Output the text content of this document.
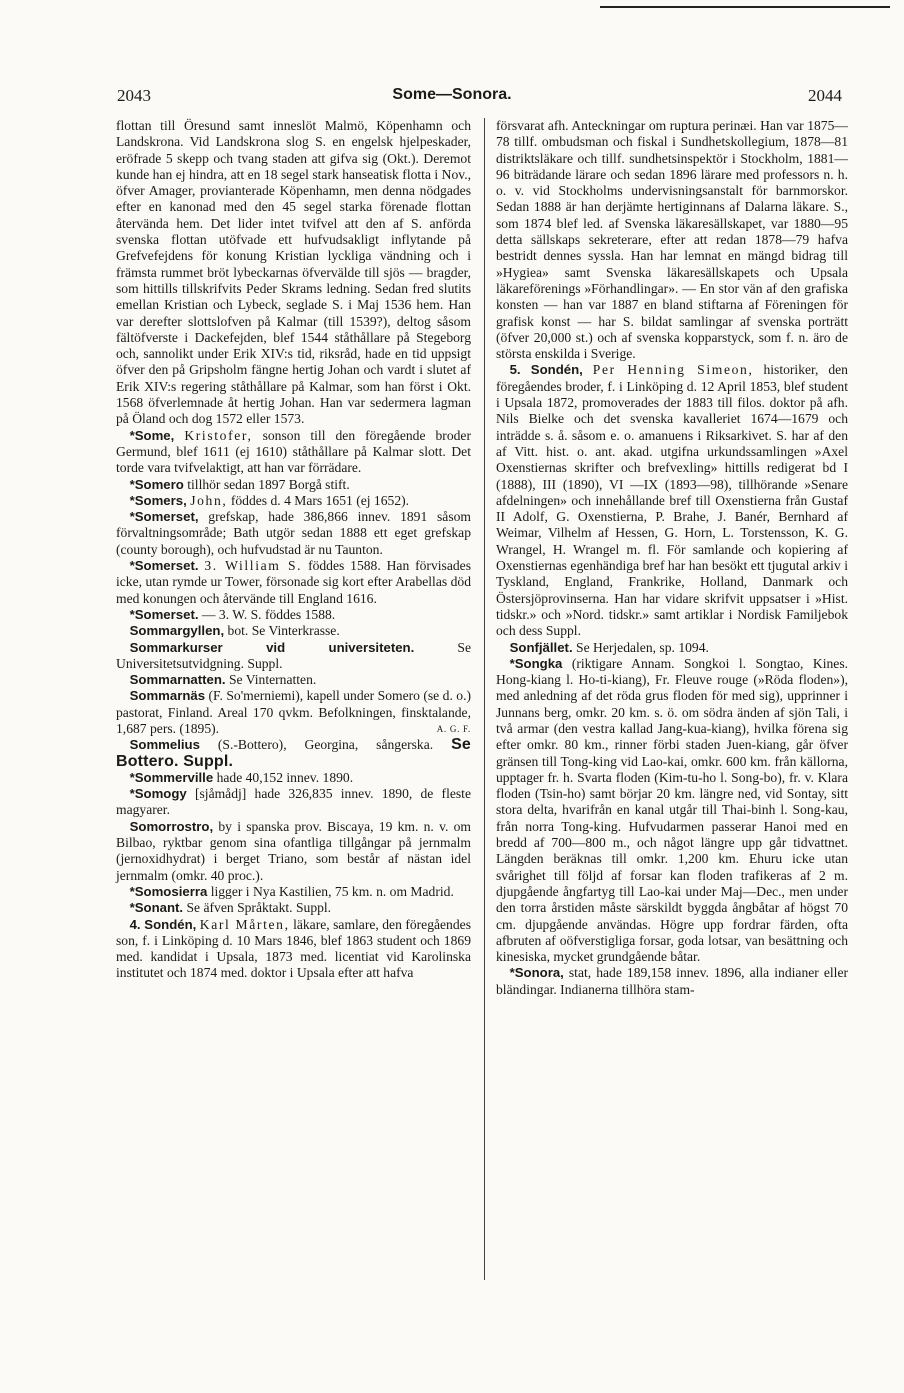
2043	Some—Sonora.	2044

flottan till Öresund samt inneslöt Malmö, Köpenhamn och Landskrona. Vid Landskrona slog S. en engelsk hjelpeskader, eröfrade 5 skepp och tvang staden att gifva sig (Okt.). Deremot kunde han ej hindra, att en 18 segel stark hanseatisk flotta i Nov., öfver Amager, provianterade Köpenhamn, men denna nödgades efter en kanonad med den 45 segel starka förenade flottan återvända hem. Det lider intet tvifvel att den af S. anförda svenska flottan utöfvade ett hufvudsakligt inflytande på Grefvefejdens för konung Kristian lyckliga vändning och i främsta rummet bröt lybeckarnas öfvervälde till sjös — bragder, som hittills tillskrifvits Peder Skrams ledning. Sedan fred slutits emellan Kristian och Lybeck, seglade S. i Maj 1536 hem. Han var derefter slottslofven på Kalmar (till 1539?), deltog såsom fältöfverste i Dackefejden, blef 1544 ståthållare på Stegeborg och, sannolikt under Erik XIV:s tid, riksråd, hade en tid uppsigt öfver den på Gripsholm fängne hertig Johan och vardt i slutet af Erik XIV:s regering ståthållare på Kalmar, som han först i Okt. 1568 öfverlemnade åt hertig Johan. Han var sedermera lagman på Öland och dog 1572 eller 1573.

*Some, Kristofer, sonson till den föregående broder Germund, blef 1611 (ej 1610) ståthållare på Kalmar slott. Det torde vara tvifvelaktigt, att han var förrädare.

*Somero tillhör sedan 1897 Borgå stift.

*Somers, John, föddes d. 4 Mars 1651 (ej 1652).

*Somerset, grefskap, hade 386,866 innev. 1891 såsom förvaltningsområde; Bath utgör sedan 1888 ett eget grefskap (county borough), och hufvudstad är nu Taunton.

*Somerset. 3. William S. föddes 1588. Han förvisades icke, utan rymde ur Tower, försonade sig kort efter Arabellas död med konungen och återvände till England 1616.

*Somerset. — 3. W. S. föddes 1588.

Sommargyllen, bot. Se Vinterkrasse.

Sommarkurser vid universiteten.	Se Universitetsutvidgning. Suppl.

Sommarnatten. Se Vinternatten.

Sommarnäs (F. So'merniemi), kapell under Somero (se d. o.) pastorat, Finland. Areal 170 qvkm. Befolkningen, finsktalande, 1,687 pers. (1895).	A. G. F.

Sommelius (S.-Bottero), Georgina, sångerska. Se Bottero. Suppl.

*Sommerville hade 40,152 innev. 1890.

*Somogy [sjåmådj] hade 326,835 innev. 1890, de fleste magyarer.

Somorrostro, by i spanska prov. Biscaya, 19 km. n. v. om Bilbao, ryktbar genom sina ofantliga tillgångar på jernmalm (jernoxidhydrat) i berget Triano, som består af nästan idel jernmalm (omkr. 40 proc.).

*Somosierra ligger i Nya Kastilien, 75 km. n. om Madrid.

*Sonant. Se äfven Språktakt. Suppl.

4. Sondén, Karl Mårten, läkare, samlare, den föregåendes son, f. i Linköping d. 10 Mars 1846, blef 1863 student och 1869 med. kandidat i Upsala, 1873 med. licentiat vid Karolinska institutet och 1874 med. doktor i Upsala efter att hafva

försvarat afh. Anteckningar om ruptura perinæi. Han var 1875—78 tillf. ombudsman och fiskal i Sundhetskollegium, 1878—81 distriktsläkare och tillf. sundhetsinspektör i Stockholm, 1881—96 biträdande lärare och sedan 1896 lärare med professors n. h. o. v. vid Stockholms undervisningsanstalt för barnmorskor. Sedan 1888 är han derjämte hertiginnans af Dalarna läkare. S., som 1874 blef led. af Svenska läkaresällskapet, var 1880—95 detta sällskaps sekreterare, efter att redan 1878—79 hafva bestridt dennes syssla. Han har lemnat en mängd bidrag till »Hygiea» samt Svenska läkaresällskapets och Upsala läkareförenings »Förhandlingar». — En stor vän af den grafiska konsten — han var 1887 en bland stiftarna af Föreningen för grafisk konst — har S. bildat samlingar af svenska porträtt (öfver 20,000 st.) och af svenska kopparstyck, som f. n. äro de största enskilda i Sverige.

5. Sondén, Per Henning Simeon, historiker, den föregåendes broder, f. i Linköping d. 12 April 1853, blef student i Upsala 1872, promoverades der 1883 till filos. doktor på afh. Nils Bielke och det svenska kavalleriet 1674—1679 och inträdde s. å. såsom e. o. amanuens i Riksarkivet. S. har af den af Vitt. hist. o. ant. akad. utgifna urkundssamlingen »Axel Oxenstiernas skrifter och brefvexling» hittills redigerat bd I (1888), III (1890), VI —IX (1893—98), tillhörande »Senare afdelningen» och innehållande bref till Oxenstierna från Gustaf II Adolf, G. Oxenstierna, P. Brahe, J. Banér, Bernhard af Weimar, Vilhelm af Hessen, G. Horn, L. Torstensson, K. G. Wrangel, H. Wrangel m. fl. För samlande och kopiering af Oxenstiernas egenhändiga bref har han besökt ett tjugutal arkiv i Tyskland, England, Frankrike, Holland, Danmark och Östersjöprovinserna. Han har vidare skrifvit uppsatser i »Hist. tidskr.» och »Nord. tidskr.» samt artiklar i Nordisk Familjebok och dess Suppl.

Sonfjället. Se Herjedalen, sp. 1094.

*Songka (riktigare Annam. Songkoi l. Songtao, Kines. Hong-kiang l. Ho-ti-kiang), Fr. Fleuve rouge (»Röda floden»), med anledning af det röda grus floden för med sig), upprinner i Junnans berg, omkr. 20 km. s. ö. om södra änden af sjön Tali, i två armar (den vestra kallad Jang-kua-kiang), hvilka förena sig efter omkr. 80 km., rinner förbi staden Juen-kiang, går öfver gränsen till Tong-king vid Lao-kai, omkr. 600 km. från källorna, upptager fr. h. Svarta floden (Kim-tu-ho l. Song-bo), fr. v. Klara floden (Tsin-ho) samt börjar 20 km. längre ned, vid Sontay, sitt stora delta, hvarifrån en kanal utgår till Thai-binh l. Song-kau, från norra Tong-king. Hufvudarmen passerar Hanoi med en bredd af 700—800 m., och något längre upp går tidvattnet. Längden beräknas till omkr. 1,200 km. Ehuru icke utan svårighet till följd af forsar kan floden trafikeras af 2 m. djupgående ångfartyg till Lao-kai under Maj—Dec., men under den torra årstiden måste särskildt byggda ångbåtar af högst 70 cm. djupgående användas. Högre upp fordrar färden, ofta afbruten af oöfverstigliga forsar, goda lotsar, van besättning och kinesiska, mycket grundgående båtar.

*Sonora, stat, hade 189,158 innev. 1896, alla indianer eller bländingar. Indianerna tillhöra stam-
